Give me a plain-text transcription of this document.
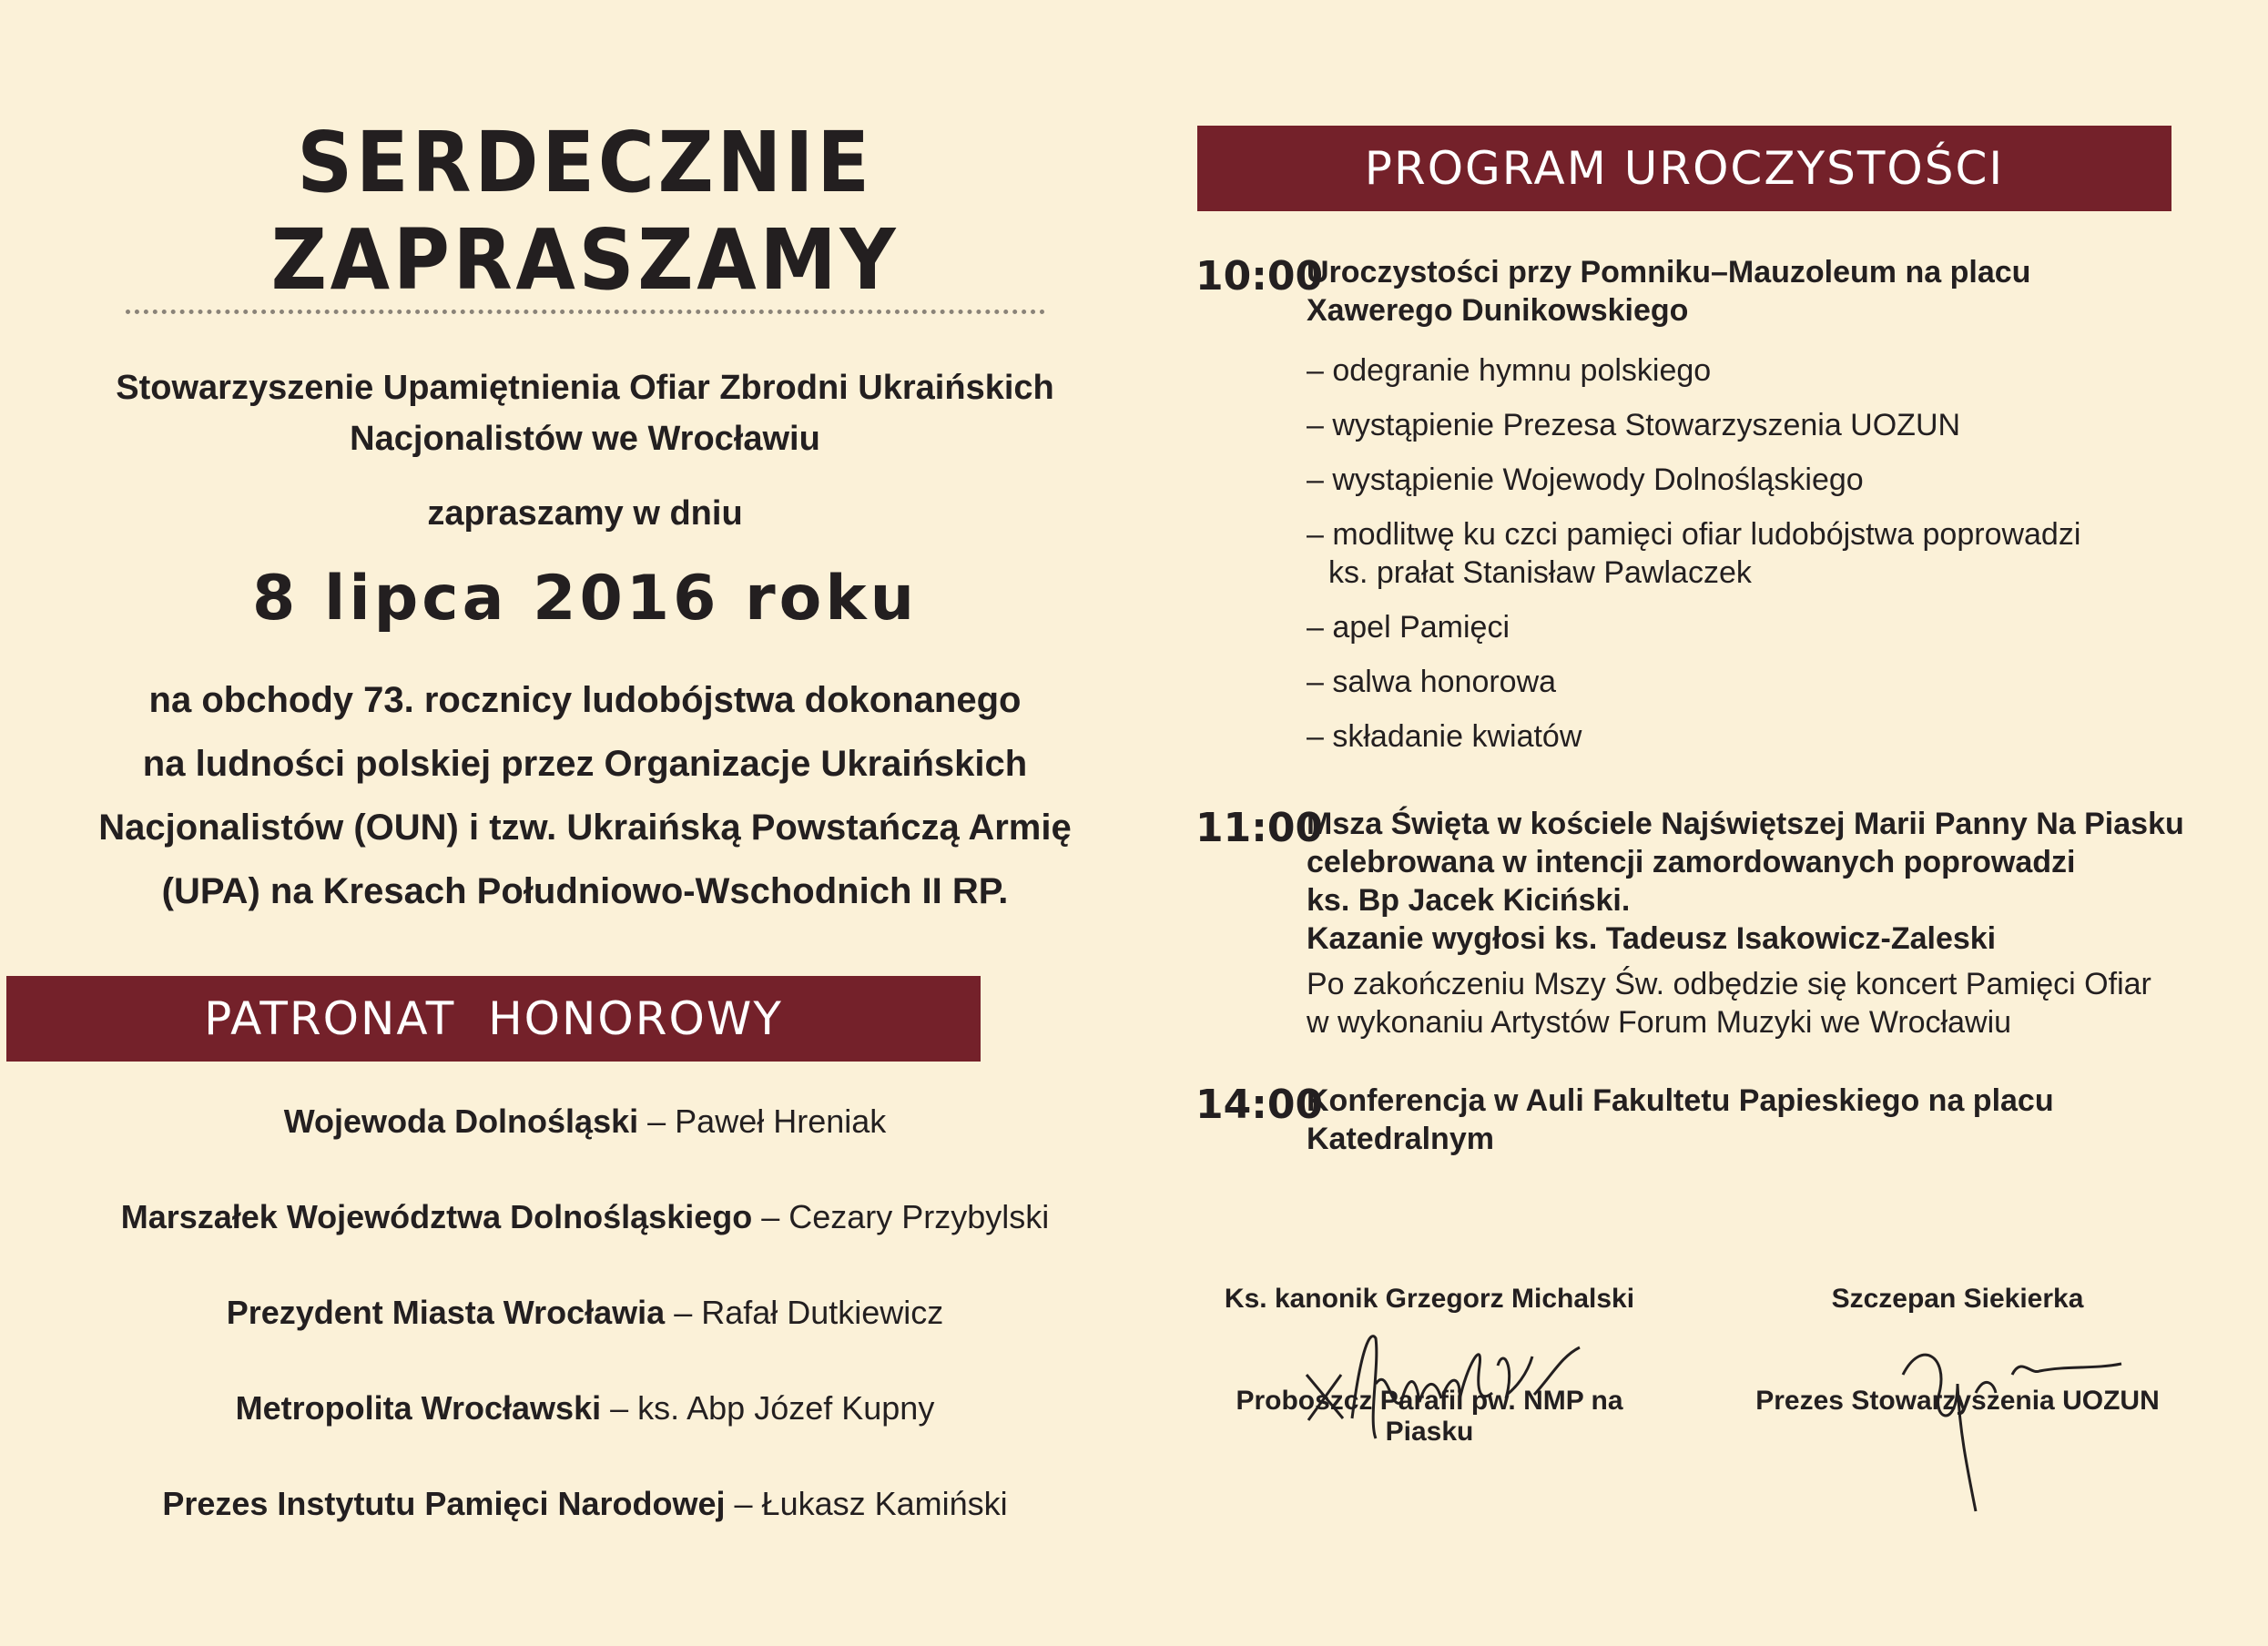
SERDECZNIE ZAPRASZAMY
Stowarzyszenie Upamiętnienia Ofiar Zbrodni Ukraińskich
Nacjonalistów we Wrocławiu
zapraszamy w dniu
8 lipca 2016 roku
na obchody 73. rocznicy ludobójstwa dokonanego
na ludności polskiej przez Organizacje Ukraińskich
Nacjonalistów (OUN) i tzw. Ukraińską Powstańczą Armię
(UPA) na Kresach Południowo-Wschodnich II RP.
PATRONAT  HONOROWY
Wojewoda Dolnośląski – Paweł Hreniak
Marszałek Województwa Dolnośląskiego – Cezary Przybylski
Prezydent Miasta Wrocławia – Rafał Dutkiewicz
Metropolita Wrocławski – ks. Abp Józef Kupny
Prezes Instytutu Pamięci Narodowej – Łukasz Kamiński
PROGRAM UROCZYSTOŚCI
10:00
Uroczystości przy Pomniku–Mauzoleum na placu
Xawerego Dunikowskiego
– odegranie hymnu polskiego
– wystąpienie Prezesa Stowarzyszenia UOZUN
– wystąpienie Wojewody Dolnośląskiego
– modlitwę ku czci pamięci ofiar ludobójstwa poprowadzi
ks. prałat Stanisław Pawlaczek
– apel Pamięci
– salwa honorowa
– składanie kwiatów
11:00
Msza Święta w kościele Najświętszej Marii Panny Na Piasku
celebrowana w intencji zamordowanych poprowadzi
ks. Bp Jacek Kiciński.
Kazanie wygłosi ks. Tadeusz Isakowicz-Zaleski
Po zakończeniu Mszy Św. odbędzie się koncert Pamięci Ofiar
w wykonaniu Artystów Forum Muzyki we Wrocławiu
14:00
Konferencja w Auli Fakultetu Papieskiego na placu Katedralnym
Ks. kanonik Grzegorz Michalski
Proboszcz Parafii pw. NMP na Piasku
Szczepan Siekierka
Prezes Stowarzyszenia UOZUN
